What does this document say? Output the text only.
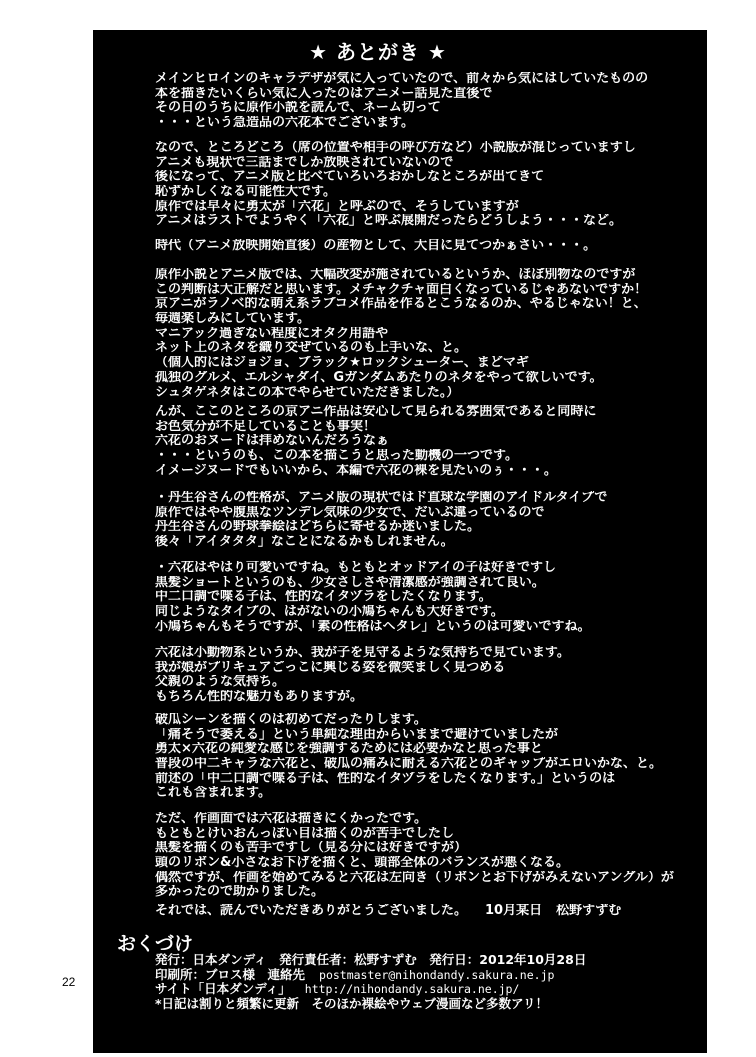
★ あとがき ★
メインヒロインのキャラデザが気に入っていたので、前々から気にはしていたものの
本を描きたいくらい気に入ったのはアニメー話見た直後で
その日のうちに原作小説を読んで、ネーム切って
・・・という急造品の六花本でございます。
なので、ところどころ（席の位置や相手の呼び方など）小説版が混じっていますし
アニメも現状で三話までしか放映されていないので
後になって、アニメ版と比べていろいろおかしなところが出てきて
恥ずかしくなる可能性大です。
原作では早々に勇太が「六花」と呼ぶので、そうしていますが
アニメはラストでようやく「六花」と呼ぶ展開だったらどうしよう・・・など。
時代（アニメ放映開始直後）の産物として、大目に見てつかぁさい・・・。
原作小説とアニメ版では、大幅改変が施されているというか、ほぼ別物なのですが
この判断は大正解だと思います。メチャクチャ面白くなっているじゃあないですか！
京アニがラノベ的な萌え系ラブコメ作品を作るとこうなるのか、やるじゃない！と、
毎週楽しみにしています。
マニアック過ぎない程度にオタク用語や
ネット上のネタを織り交ぜているのも上手いな、と。
（個人的にはジョジョ、ブラック★ロックシューター、まどマギ
孤独のグルメ、エルシャダイ、Gガンダムあたりのネタをやって欲しいです。
シュタゲネタはこの本でやらせていただきました。）
んが、ここのところの京アニ作品は安心して見られる雰囲気であると同時に
お色気分が不足していることも事実！
六花のおヌードは拝めないんだろうなぁ
・・・というのも、この本を描こうと思った動機の一つです。
イメージヌードでもいいから、本編で六花の裸を見たいのぅ・・・。
・丹生谷さんの性格が、アニメ版の現状ではド直球な学園のアイドルタイプで
原作ではやや腹黒なツンデレ気味の少女で、だいぶ違っているので
丹生谷さんの野球拳絵はどちらに寄せるか迷いました。
後々「アイタタタ」なことになるかもしれません。
・六花はやはり可愛いですね。もともとオッドアイの子は好きですし
黒髪ショートというのも、少女さしさや清潔感が強調されて良い。
中二口調で喋る子は、性的なイタヅラをしたくなります。
同じようなタイプの、はがないの小鳩ちゃんも大好きです。
小鳩ちゃんもそうですが、「素の性格はヘタレ」というのは可愛いですね。
六花は小動物系というか、我が子を見守るような気持ちで見ています。
我が娘がプリキュアごっこに興じる姿を微笑ましく見つめる
父親のような気持ち。
もちろん性的な魅力もありますが。
破瓜シーンを描くのは初めてだったりします。
「痛そうで萎える」という単純な理由からいままで避けていましたが
勇太×六花の純愛な感じを強調するためには必要かなと思った事と
普段の中二キャラな六花と、破瓜の痛みに耐える六花とのギャップがエロいかな、と。
前述の「中二口調で喋る子は、性的なイタヅラをしたくなります。」というのは
これも含まれます。
ただ、作画面では六花は描きにくかったです。
もともとけいおんっぽい目は描くのが苦手でしたし
黒髪を描くのも苦手ですし（見る分には好きですが）
頭のリボン&小さなお下げを描くと、頭部全体のバランスが悪くなる。
偶然ですが、作画を始めてみると六花は左向き（リボンとお下げがみえないアングル）が
多かったので助かりました。
それでは、読んでいただきありがとうございました。 10月某日 松野すずむ
おくづけ
発行：日本ダンディ　発行責任者：松野すずむ　発行日：2012年10月28日
印刷所：ブロス様　連絡先 postmaster@nihondandy.sakura.ne.jp
サイト「日本ダンディ」 http://nihondandy.sakura.ne.jp/
*日記は割りと頻繁に更新　そのほか裸絵やウェブ漫画など多数アリ！
22
